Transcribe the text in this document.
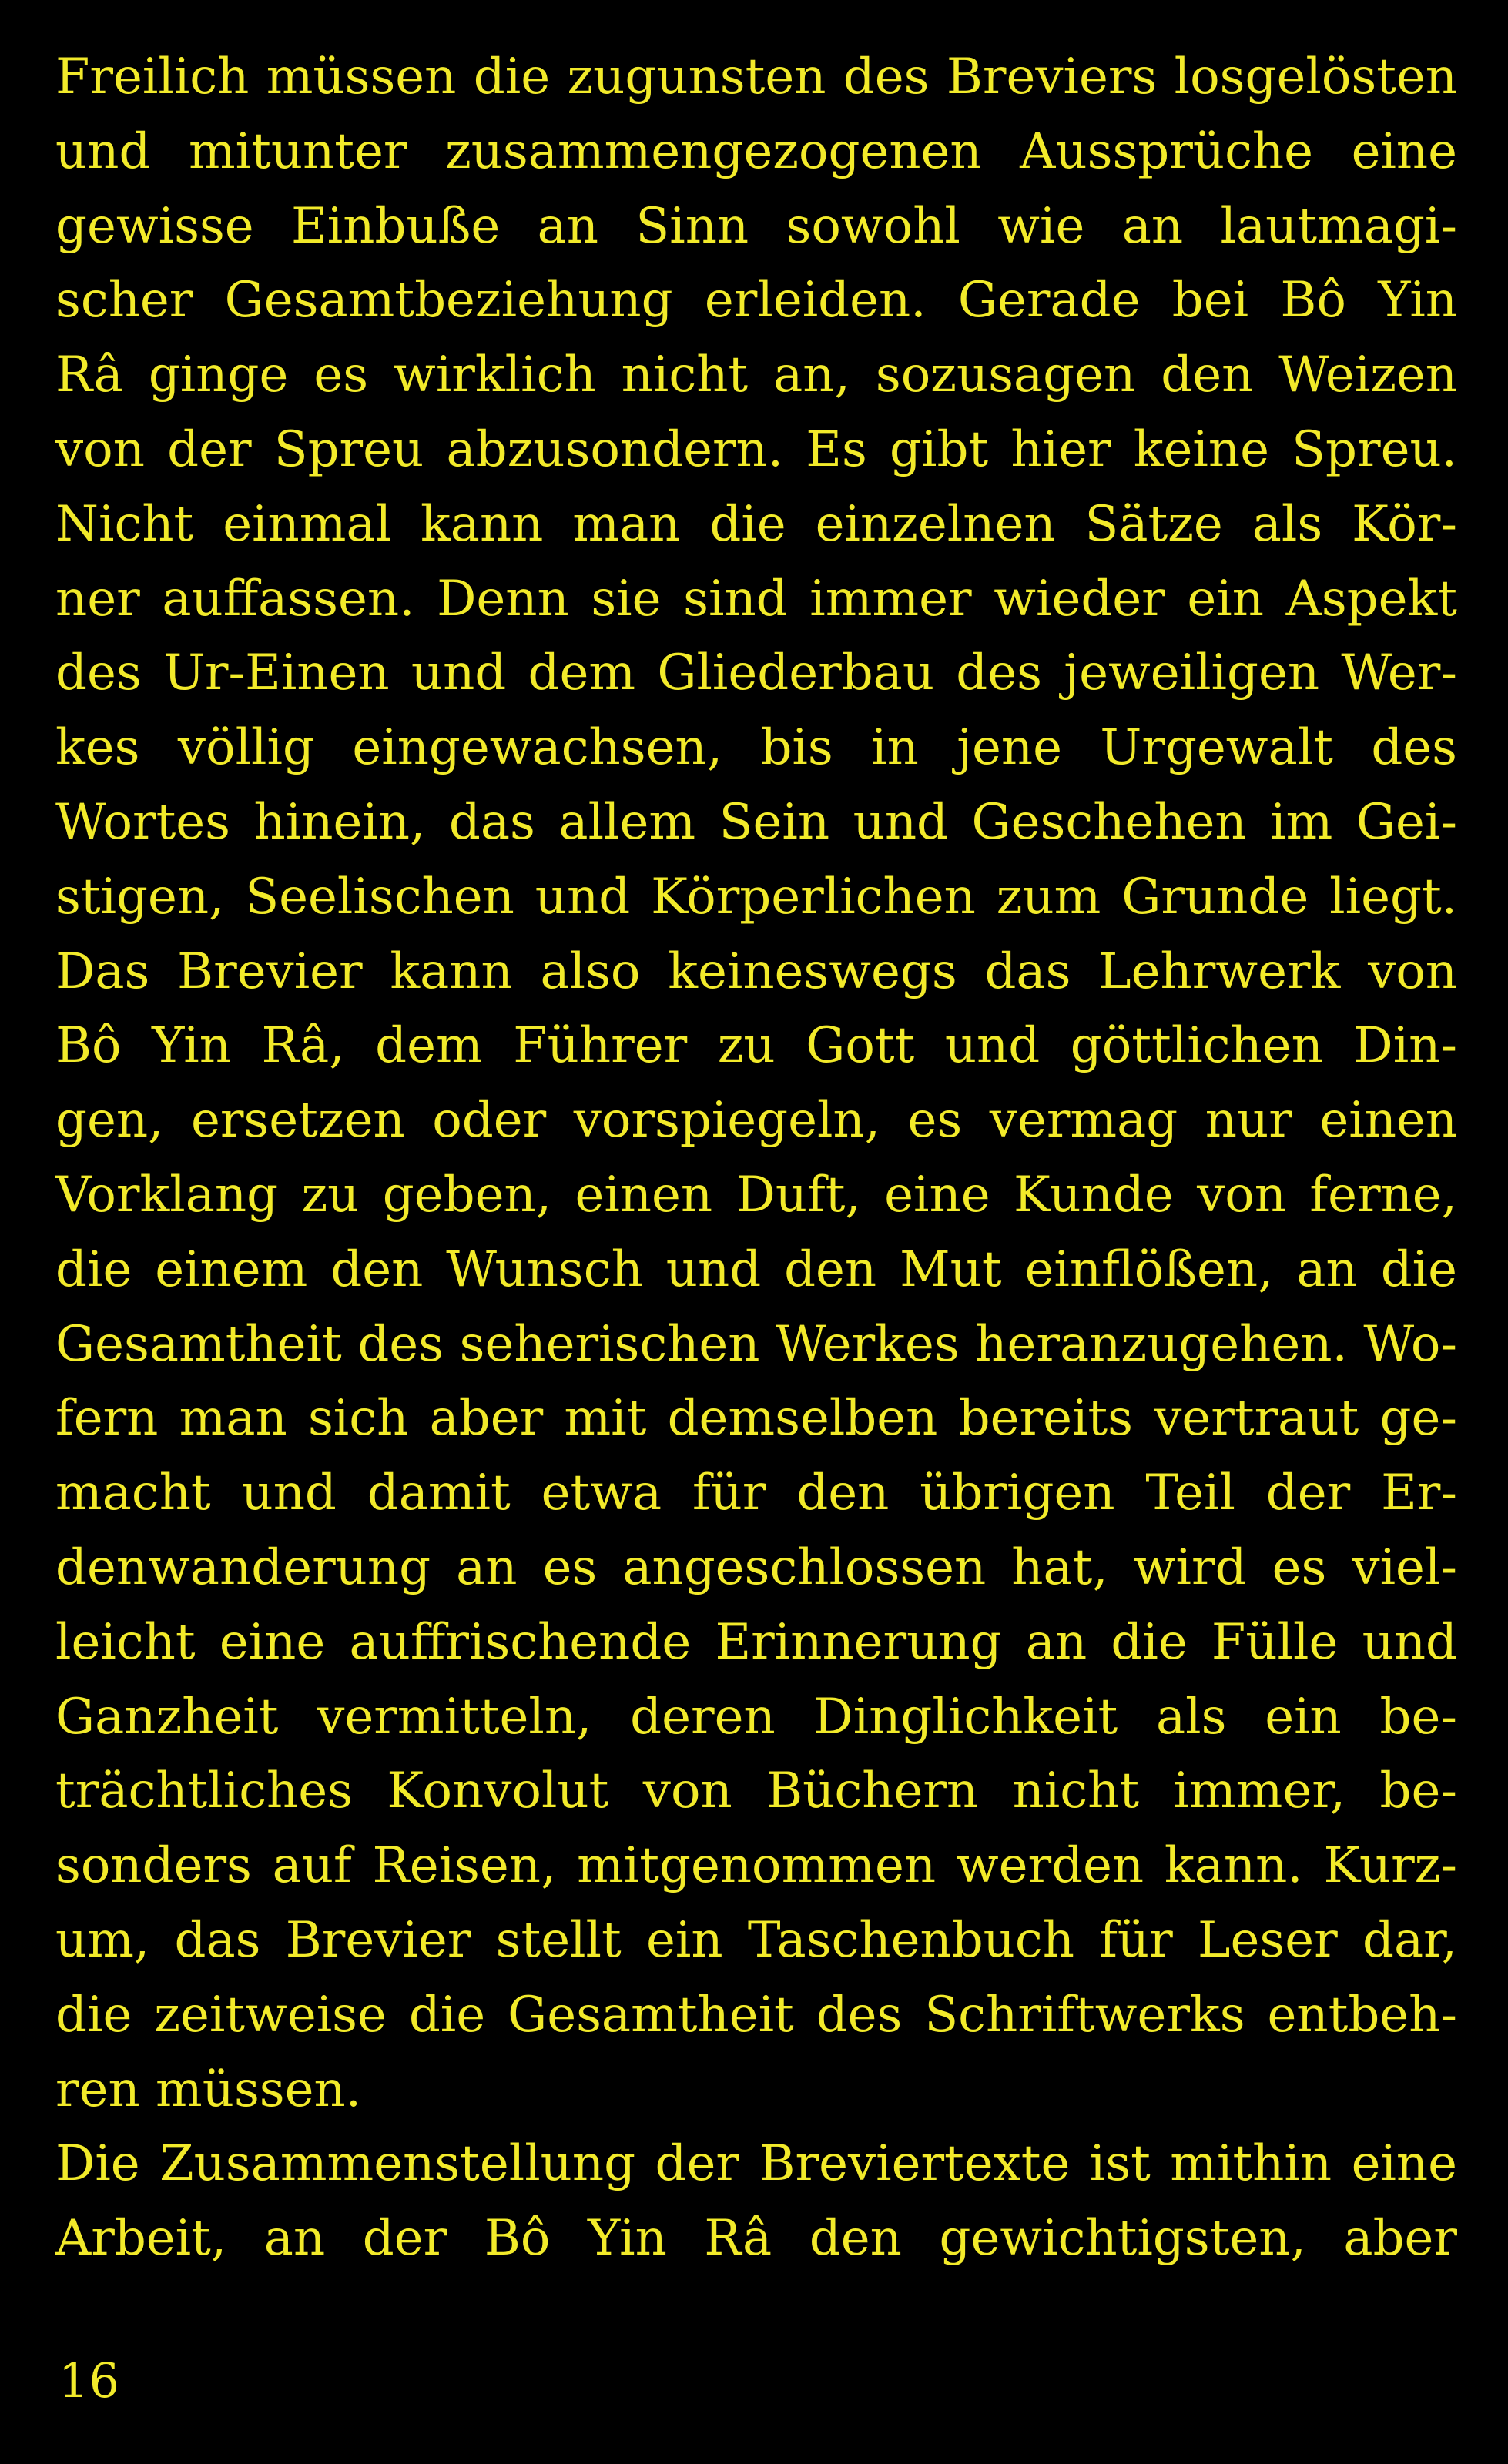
Freilich müssen die zugunsten des Breviers losgelösten
und mitunter zusammengezogenen Aussprüche eine
gewisse Einbuße an Sinn sowohl wie an lautmagi-
scher Gesamtbeziehung erleiden. Gerade bei Bô Yin
Râ ginge es wirklich nicht an, sozusagen den Weizen
von der Spreu abzusondern. Es gibt hier keine Spreu.
Nicht einmal kann man die einzelnen Sätze als Kör-
ner auffassen. Denn sie sind immer wieder ein Aspekt
des Ur-Einen und dem Gliederbau des jeweiligen Wer-
kes völlig eingewachsen, bis in jene Urgewalt des
Wortes hinein, das allem Sein und Geschehen im Gei-
stigen, Seelischen und Körperlichen zum Grunde liegt.
Das Brevier kann also keineswegs das Lehrwerk von
Bô Yin Râ, dem Führer zu Gott und göttlichen Din-
gen, ersetzen oder vorspiegeln, es vermag nur einen
Vorklang zu geben, einen Duft, eine Kunde von ferne,
die einem den Wunsch und den Mut einflößen, an die
Gesamtheit des seherischen Werkes heranzugehen. Wo-
fern man sich aber mit demselben bereits vertraut ge-
macht und damit etwa für den übrigen Teil der Er-
denwanderung an es angeschlossen hat, wird es viel-
leicht eine auffrischende Erinnerung an die Fülle und
Ganzheit vermitteln, deren Dinglichkeit als ein be-
trächtliches Konvolut von Büchern nicht immer, be-
sonders auf Reisen, mitgenommen werden kann. Kurz-
um, das Brevier stellt ein Taschenbuch für Leser dar,
die zeitweise die Gesamtheit des Schriftwerks entbeh-
ren müssen.
Die Zusammenstellung der Breviertexte ist mithin eine
Arbeit, an der Bô Yin Râ den gewichtigsten, aber
16
